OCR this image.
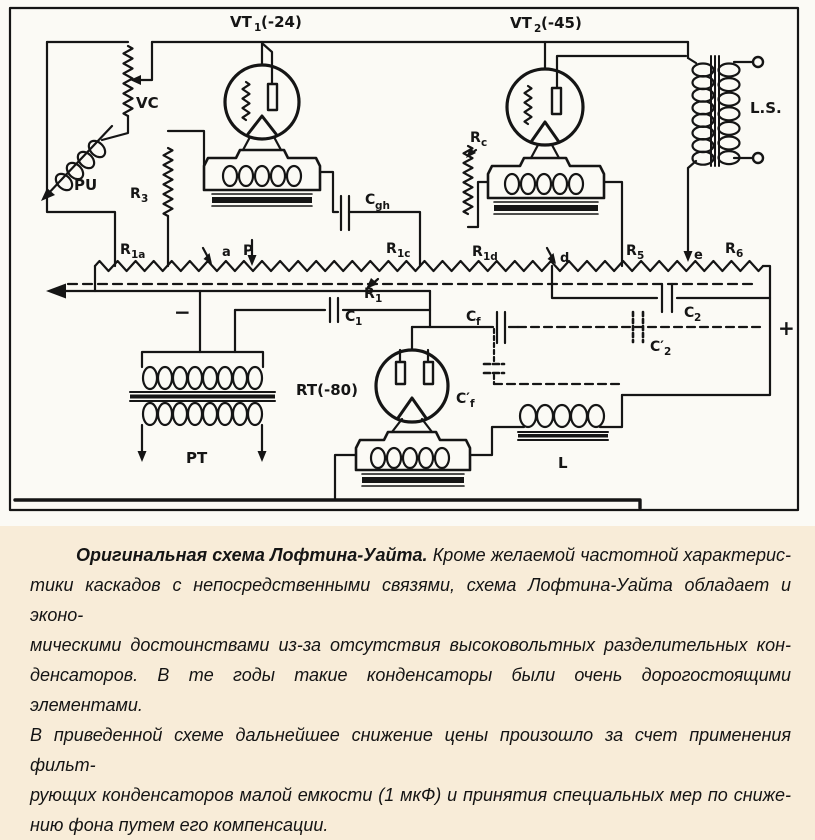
VT 1 (-24)	VT 2 (-45)
RT(-80)
VC
PU
PT	L
L.S.
R 3
R 1a	a P	R 1c	R 1d
R 1
d	R 5	e R 6
R c
C 1
C 2
C′ 2
C gh
C f
C′ f
−
+

Оригинальная схема Лофтина-Уайта. Кроме желаемой частотной характерис-

тики каскадов с непосредственными связями, схема Лофтина-Уайта обладает и эконо-

мическими достоинствами из-за отсутствия высоковольтных разделительных кон-

денсаторов. В те годы такие конденсаторы были очень дорогостоящими элементами.

В приведенной схеме дальнейшее снижение цены произошло за счет применения фильт-

рующих конденсаторов малой емкости (1 мкФ) и принятия специальных мер по сниже-

нию фона путем его компенсации.
